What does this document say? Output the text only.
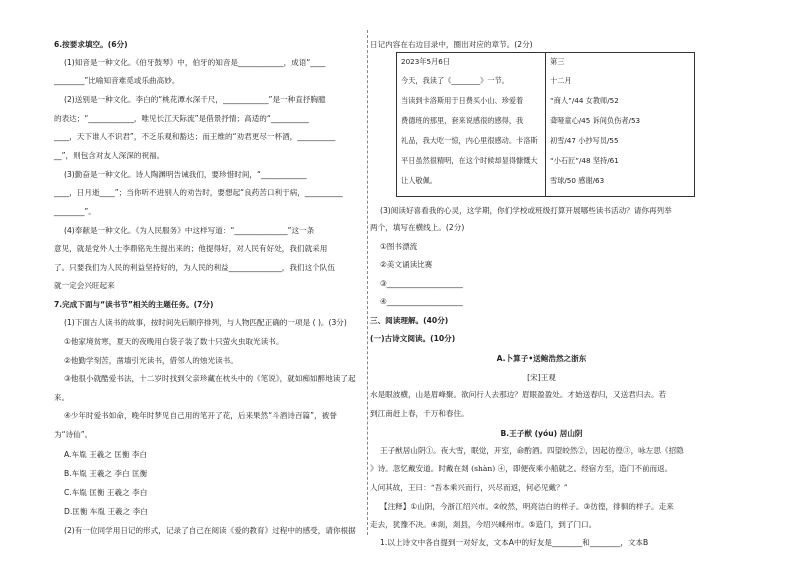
6.按要求填空。(6分)
(1)知音是一种文化。《伯牙鼓琴》中，伯牙的知音是____________，成语“____
________”比喻知音难觅或乐曲高妙。
(2)送别是一种文化。李白的“桃花潭水深千尺，____________”是一种直抒胸臆
的表达；“____________，唯见长江天际流”是借景抒情；高适的“__________
____，天下谁人不识君”，不乏乐观和豁达；而王维的“劝君更尽一杯酒，__________
__”，则包含对友人深深的祝福。
(3)勤奋是一种文化。诗人陶渊明告诫我们，要珍惜时间，“____________
____，日月逝____”；当你听不进别人的劝告时，要想起“良药苦口利于病，__________
________”。
(4)奉献是一种文化。《为人民服务》中这样写道：“______________”这一条
意见，就是党外人士李鼎铭先生提出来的；他提得好，对人民有好处，我们就采用
了。只要我们为人民的利益坚持好的，为人民的利益______________，我们这个队伍
就一定会兴旺起来
7.完成下面与“读书节”相关的主题任务。(7分)
(1)下面古人读书的故事，按时间先后顺序排列，与人物匹配正确的一项是 ( )。(3分)
①他家境贫寒，夏天的夜晚用白袋子装了数十只萤火虫取光读书。
②他勤学刻苦，凿墙引光读书，借邻人的烛光读书。
③他很小就酷爱书法，十二岁时找到父亲珍藏在枕头中的《笔说》，就如痴如醉地读了起
来。
④少年时爱书如命，晚年时梦见自己用的笔开了花，后来果然“斗酒诗百篇”，被誉
为“诗仙”。
A.车胤 王羲之 匡衡 李白
B.车胤 王羲之 李白 匡衡
C.车胤 匡衡 王羲之 李白
D.匡衡 车胤 王羲之 李白
(2)有一位同学用日记的形式，记录了自己在阅读《爱的教育》过程中的感受，请你根据
日记内容在右边目录中，圈出对应的章节。(2分)
2023年5月6日
今天，我读了《________》一节。
当读到卡洛斯用于日费买小山、珍爱着
费德班的那里，套来说感很的感得，我
礼品，我大吃一惊，内心里很感动。卡洛斯
平日虽然很精明，在这个时候却显得慷慨大
让人敬佩。
第三
十二月
“商人”/44 女教师/52
聋哑童心/45 诉间负伤者/53
初雪/47 小抄写员/55
“小石匠”/48 坚持/61
雪球/50 感谢/63
(3)阅读好喜看我的心灵，这学期，你们学校或班级打算开展哪些读书活动？请你再列举
两个，填写在横线上。(2分)
①图书漂流
②美文诵读比赛
③____________________
④____________________
三、阅读理解。(40分)
(一)古诗文阅读。(10分)
A.卜算子•送鲍浩然之浙东
[宋]王观
水是眼波横，山是眉峰聚。欲问行人去那边？眉眼盈盈处。才始送春归，又送君归去。若
到江南赶上春，千万和春住。
B.王子猷 (yóu) 居山阴
王子猷居山阴①。夜大雪，眠觉，开室，命酌酒。四望皎然②，因起彷徨③，咏左思《招隐
》诗。忽忆戴安道。时戴在剡 (shàn) ④，即便夜乘小船就之。经宿方至，造门不前而返。
人问其故，王曰：“吾本乘兴而行，兴尽而返，何必见戴？”
【注释】①山阴，今浙江绍兴市。②皎然，明亮洁白的样子。③彷徨，徘徊的样子。走来
走去，犹豫不决。④剡，剡县，今绍兴嵊州市。⑤造门，到了门口。
1.以上诗文中各自提到一对好友，文本A中的好友是________和________，文本B
